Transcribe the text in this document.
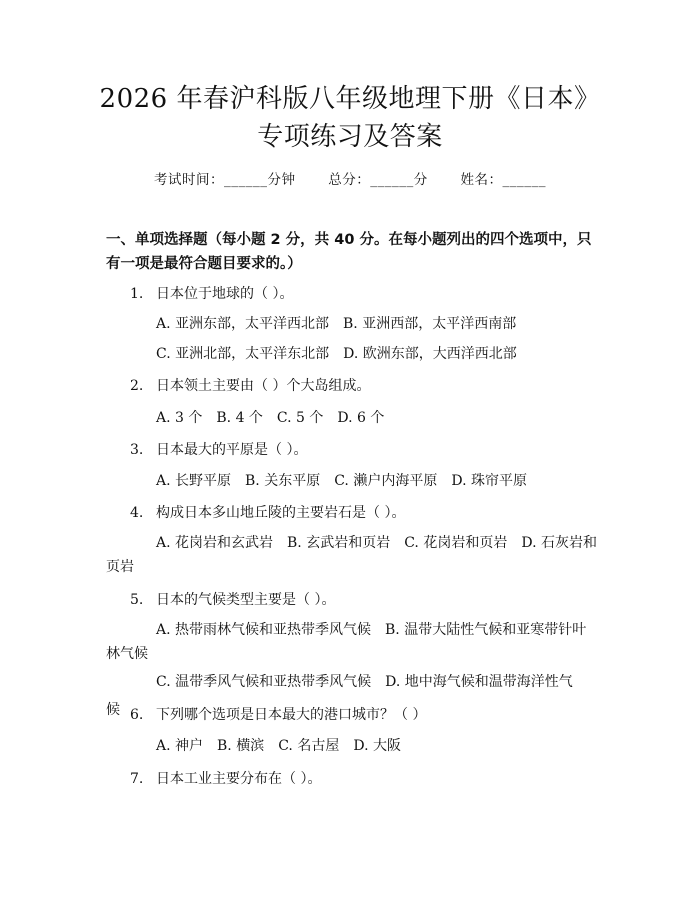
2026 年春沪科版八年级地理下册《日本》专项练习及答案
考试时间：______分钟 总分：______分 姓名：______
一、单项选择题（每小题 2 分，共 40 分。在每小题列出的四个选项中，只有一项是最符合题目要求的。）
1. 日本位于地球的（ ）。
A. 亚洲东部，太平洋西北部 B. 亚洲西部，太平洋西南部
C. 亚洲北部，太平洋东北部 D. 欧洲东部，大西洋西北部
2. 日本领土主要由（ ）个大岛组成。
A. 3 个 B. 4 个 C. 5 个 D. 6 个
3. 日本最大的平原是（ ）。
A. 长野平原 B. 关东平原 C. 濑户内海平原 D. 珠帘平原
4. 构成日本多山地丘陵的主要岩石是（ ）。
A. 花岗岩和玄武岩 B. 玄武岩和页岩 C. 花岗岩和页岩 D. 石灰岩和页岩
5. 日本的气候类型主要是（ ）。
A. 热带雨林气候和亚热带季风气候 B. 温带大陆性气候和亚寒带针叶林气候
C. 温带季风气候和亚热带季风气候 D. 地中海气候和温带海洋性气候 6. 下列哪个选项是日本最大的港口城市？（ ）
A. 神户 B. 横滨 C. 名古屋 D. 大阪
7. 日本工业主要分布在（ ）。
